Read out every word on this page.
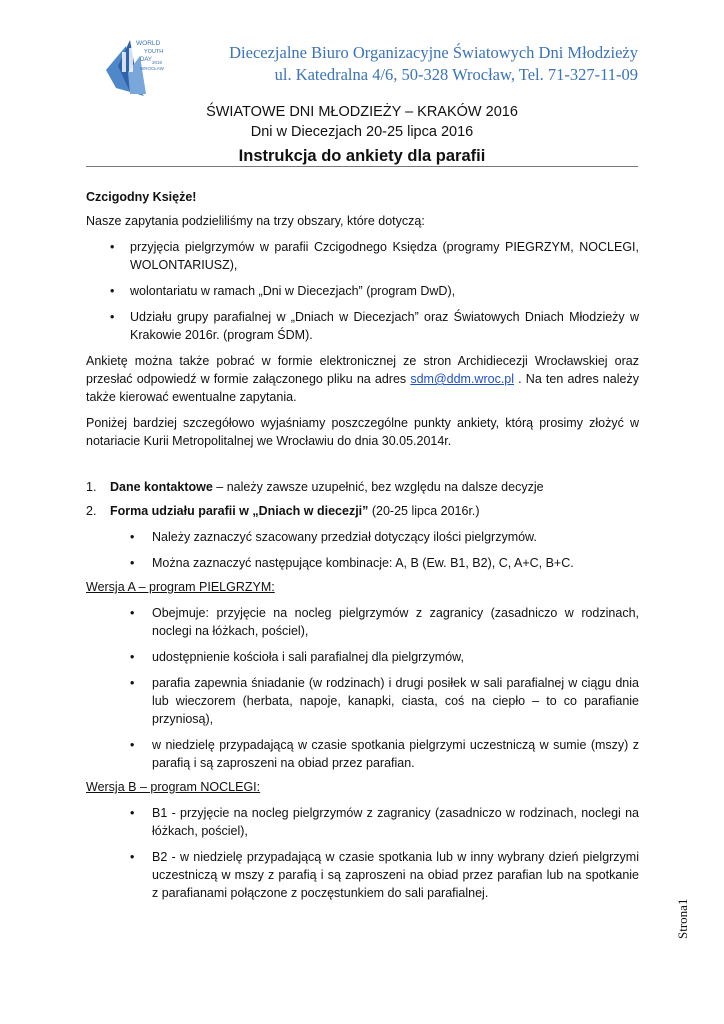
WORLD
YOUTH
DAY 2016
WROCŁAW
Diecezjalne Biuro Organizacyjne Światowych Dni Młodzieży
ul. Katedralna 4/6, 50-328 Wrocław, Tel. 71-327-11-09
ŚWIATOWE DNI MŁODZIEŻY – KRAKÓW 2016
Dni w Diecezjach 20-25 lipca 2016
Instrukcja do ankiety dla parafii

Czcigodny Księże!

Nasze zapytania podzieliliśmy na trzy obszary, które dotyczą:

• przyjęcia pielgrzymów w parafii Czcigodnego Księdza (programy PIEGRZYM, NOCLEGI, WOLONTARIUSZ),
• wolontariatu w ramach „Dni w Diecezjach” (program DwD),
• Udziału grupy parafialnej w „Dniach w Diecezjach” oraz Światowych Dniach Młodzieży w Krakowie 2016r. (program ŚDM).

Ankietę można także pobrać w formie elektronicznej ze stron Archidiecezji Wrocławskiej oraz przesłać odpowiedź w formie załączonego pliku na adres sdm@ddm.wroc.pl . Na ten adres należy także kierować ewentualne zapytania.

Poniżej bardziej szczegółowo wyjaśniamy poszczególne punkty ankiety, którą prosimy złożyć w notariacie Kurii Metropolitalnej we Wrocławiu do dnia 30.05.2014r.

1. Dane kontaktowe – należy zawsze uzupełnić, bez względu na dalsze decyzje
2. Forma udziału parafii w „Dniach w diecezji” (20-25 lipca 2016r.)
• Należy zaznaczyć szacowany przedział dotyczący ilości pielgrzymów.
• Można zaznaczyć następujące kombinacje: A, B (Ew. B1, B2), C, A+C, B+C.
Wersja A – program PIELGRZYM:
• Obejmuje: przyjęcie na nocleg pielgrzymów z zagranicy (zasadniczo w rodzinach, noclegi na łóżkach, pościel),
• udostępnienie kościoła i sali parafialnej dla pielgrzymów,
• parafia zapewnia śniadanie (w rodzinach) i drugi posiłek w sali parafialnej w ciągu dnia lub wieczorem (herbata, napoje, kanapki, ciasta, coś na ciepło – to co parafianie przyniosą),
• w niedzielę przypadającą w czasie spotkania pielgrzymi uczestniczą w sumie (mszy) z parafią i są zaproszeni na obiad przez parafian.
Wersja B – program NOCLEGI:
• B1 - przyjęcie na nocleg pielgrzymów z zagranicy (zasadniczo w rodzinach, noclegi na łóżkach, pościel),
• B2 - w niedzielę przypadającą w czasie spotkania lub w inny wybrany dzień pielgrzymi uczestniczą w mszy z parafią i są zaproszeni na obiad przez parafian lub na spotkanie z parafianami połączone z poczęstunkiem do sali parafialnej.
Strona1
